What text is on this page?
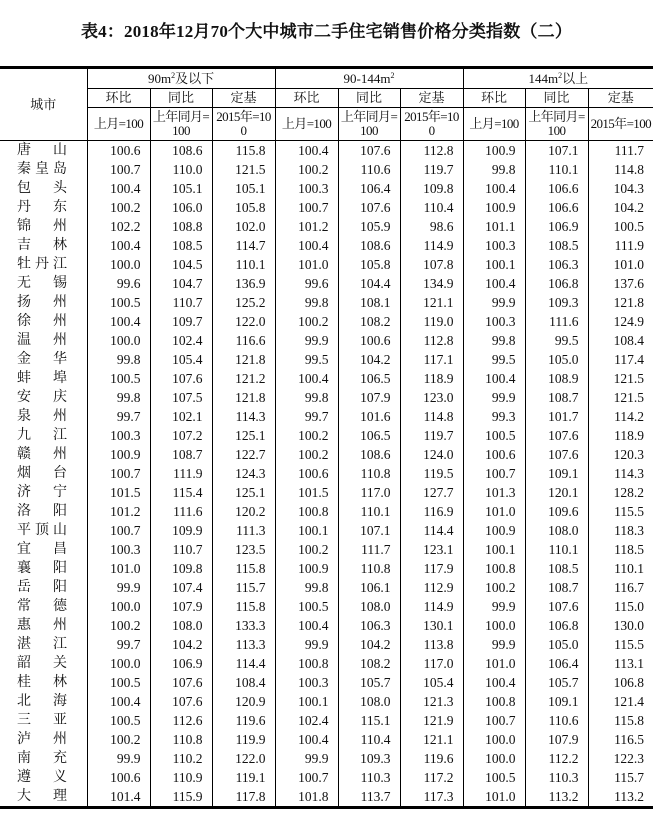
表4：2018年12月70个大中城市二手住宅销售价格分类指数（二）
城市	$90m^2$及以下			$90-144m^2$			$144m^2$以上		
	环比	同比	定基	环比	同比	定基	环比	同比	定基
	上月=100	上年同月=100	2015年=100	上月=100	上年同月=100	2015年=100	上月=100	上年同月=100	2015年=100

唐山	100.6	108.6	115.8	100.4	107.6	112.8	100.9	107.1	111.7

秦皇岛	100.7	110.0	121.5	100.2	110.6	119.7	99.8	110.1	114.8

包头	100.4	105.1	105.1	100.3	106.4	109.8	100.4	106.6	104.3

丹东	100.2	106.0	105.8	100.7	107.6	110.4	100.9	106.6	104.2

锦州	102.2	108.8	102.0	101.2	105.9	98.6	101.1	106.9	100.5

吉林	100.4	108.5	114.7	100.4	108.6	114.9	100.3	108.5	111.9

牡丹江	100.0	104.5	110.1	101.0	105.8	107.8	100.1	106.3	101.0

无锡	99.6	104.7	136.9	99.6	104.4	134.9	100.4	106.8	137.6

扬州	100.5	110.7	125.2	99.8	108.1	121.1	99.9	109.3	121.8

徐州	100.4	109.7	122.0	100.2	108.2	119.0	100.3	111.6	124.9

温州	100.0	102.4	116.6	99.9	100.6	112.8	99.8	99.5	108.4

金华	99.8	105.4	121.8	99.5	104.2	117.1	99.5	105.0	117.4

蚌埠	100.5	107.6	121.2	100.4	106.5	118.9	100.4	108.9	121.5

安庆	99.8	107.5	121.8	99.8	107.9	123.0	99.9	108.7	121.5

泉州	99.7	102.1	114.3	99.7	101.6	114.8	99.3	101.7	114.2

九江	100.3	107.2	125.1	100.2	106.5	119.7	100.5	107.6	118.9

赣州	100.9	108.7	122.7	100.2	108.6	124.0	100.6	107.6	120.3

烟台	100.7	111.9	124.3	100.6	110.8	119.5	100.7	109.1	114.3

济宁	101.5	115.4	125.1	101.5	117.0	127.7	101.3	120.1	128.2

洛阳	101.2	111.6	120.2	100.8	110.1	116.9	101.0	109.6	115.5

平顶山	100.7	109.9	111.3	100.1	107.1	114.4	100.9	108.0	118.3

宜昌	100.3	110.7	123.5	100.2	111.7	123.1	100.1	110.1	118.5

襄阳	101.0	109.8	115.8	100.9	110.8	117.9	100.8	108.5	110.1

岳阳	99.9	107.4	115.7	99.8	106.1	112.9	100.2	108.7	116.7

常德	100.0	107.9	115.8	100.5	108.0	114.9	99.9	107.6	115.0

惠州	100.2	108.0	133.3	100.4	106.3	130.1	100.0	106.8	130.0

湛江	99.7	104.2	113.3	99.9	104.2	113.8	99.9	105.0	115.5

韶关	100.0	106.9	114.4	100.8	108.2	117.0	101.0	106.4	113.1

桂林	100.5	107.6	108.4	100.3	105.7	105.4	100.4	105.7	106.8

北海	100.4	107.6	120.9	100.1	108.0	121.3	100.8	109.1	121.4

三亚	100.5	112.6	119.6	102.4	115.1	121.9	100.7	110.6	115.8

泸州	100.2	110.8	119.9	100.4	110.4	121.1	100.0	107.9	116.5

南充	99.9	110.2	122.0	99.9	109.3	119.6	100.0	112.2	122.3

遵义	100.6	110.9	119.1	100.7	110.3	117.2	100.5	110.3	115.7

大理	101.4	115.9	117.8	101.8	113.7	117.3	101.0	113.2	113.2
